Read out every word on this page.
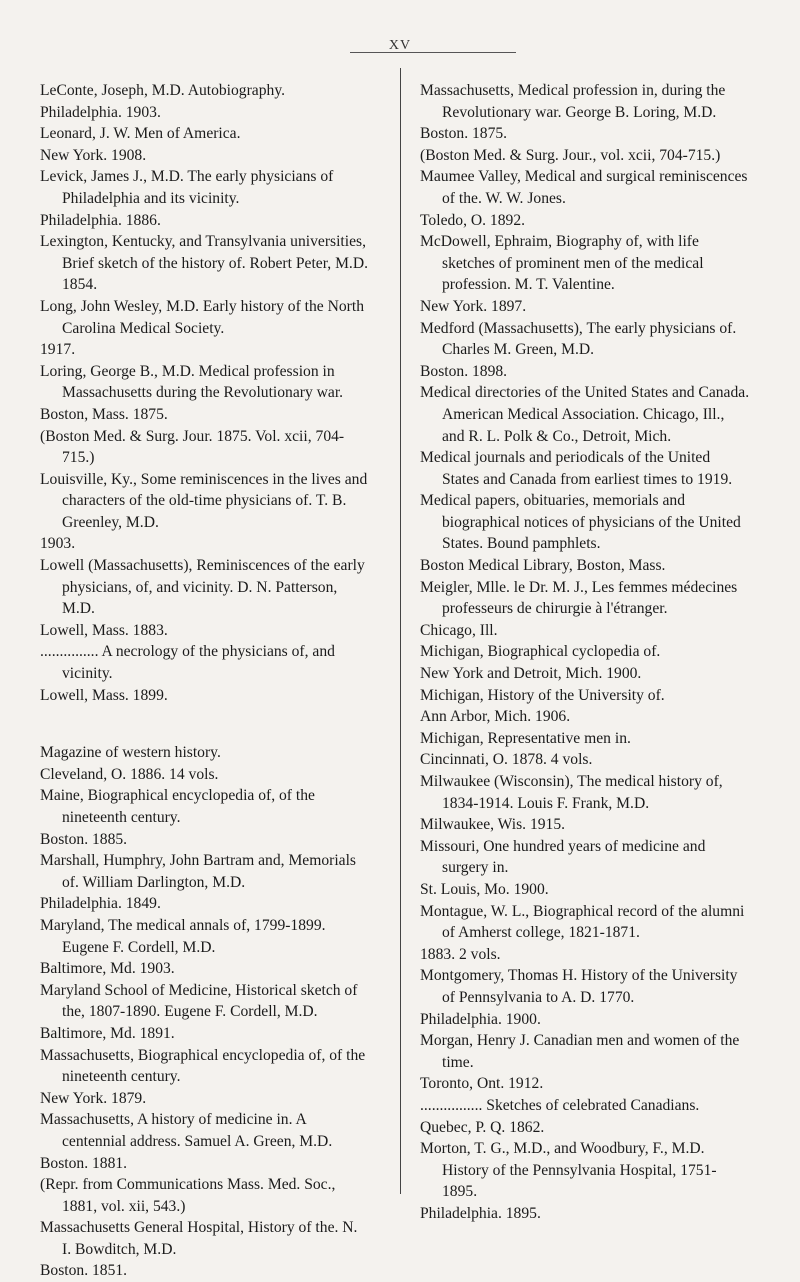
XV
LeConte, Joseph, M.D. Autobiography.
Philadelphia. 1903.
Leonard, J. W. Men of America.
New York. 1908.
Levick, James J., M.D. The early physicians of Philadelphia and its vicinity.
Philadelphia. 1886.
Lexington, Kentucky, and Transylvania universities, Brief sketch of the history of. Robert Peter, M.D. 1854.
Long, John Wesley, M.D. Early history of the North Carolina Medical Society.
1917.
Loring, George B., M.D. Medical profession in Massachusetts during the Revolutionary war.
Boston, Mass. 1875.
(Boston Med. & Surg. Jour. 1875. Vol. xcii, 704-715.)
Louisville, Ky., Some reminiscences in the lives and characters of the old-time physicians of. T. B. Greenley, M.D.
1903.
Lowell (Massachusetts), Reminiscences of the early physicians, of, and vicinity. D. N. Patterson, M.D.
Lowell, Mass. 1883.
............... A necrology of the physicians of, and vicinity.
Lowell, Mass. 1899.
Magazine of western history.
Cleveland, O. 1886. 14 vols.
Maine, Biographical encyclopedia of, of the nineteenth century.
Boston. 1885.
Marshall, Humphry, John Bartram and, Memorials of. William Darlington, M.D.
Philadelphia. 1849.
Maryland, The medical annals of, 1799-1899. Eugene F. Cordell, M.D.
Baltimore, Md. 1903.
Maryland School of Medicine, Historical sketch of the, 1807-1890. Eugene F. Cordell, M.D.
Baltimore, Md. 1891.
Massachusetts, Biographical encyclopedia of, of the nineteenth century.
New York. 1879.
Massachusetts, A history of medicine in. A centennial address. Samuel A. Green, M.D.
Boston. 1881.
(Repr. from Communications Mass. Med. Soc., 1881, vol. xii, 543.)
Massachusetts General Hospital, History of the. N. I. Bowditch, M.D.
Boston. 1851.
Massachusetts, Medical profession in, during the Revolutionary war. George B. Loring, M.D.
Boston. 1875.
(Boston Med. & Surg. Jour., vol. xcii, 704-715.)
Maumee Valley, Medical and surgical reminiscences of the. W. W. Jones.
Toledo, O. 1892.
McDowell, Ephraim, Biography of, with life sketches of prominent men of the medical profession. M. T. Valentine.
New York. 1897.
Medford (Massachusetts), The early physicians of. Charles M. Green, M.D.
Boston. 1898.
Medical directories of the United States and Canada. American Medical Association. Chicago, Ill., and R. L. Polk & Co., Detroit, Mich.
Medical journals and periodicals of the United States and Canada from earliest times to 1919.
Medical papers, obituaries, memorials and biographical notices of physicians of the United States. Bound pamphlets.
Boston Medical Library, Boston, Mass.
Meigler, Mlle. le Dr. M. J., Les femmes médecines professeurs de chirurgie à l'étranger.
Chicago, Ill.
Michigan, Biographical cyclopedia of.
New York and Detroit, Mich. 1900.
Michigan, History of the University of.
Ann Arbor, Mich. 1906.
Michigan, Representative men in.
Cincinnati, O. 1878. 4 vols.
Milwaukee (Wisconsin), The medical history of, 1834-1914. Louis F. Frank, M.D.
Milwaukee, Wis. 1915.
Missouri, One hundred years of medicine and surgery in.
St. Louis, Mo. 1900.
Montague, W. L., Biographical record of the alumni of Amherst college, 1821-1871.
1883. 2 vols.
Montgomery, Thomas H. History of the University of Pennsylvania to A. D. 1770.
Philadelphia. 1900.
Morgan, Henry J. Canadian men and women of the time.
Toronto, Ont. 1912.
................ Sketches of celebrated Canadians.
Quebec, P. Q. 1862.
Morton, T. G., M.D., and Woodbury, F., M.D. History of the Pennsylvania Hospital, 1751-1895.
Philadelphia. 1895.
